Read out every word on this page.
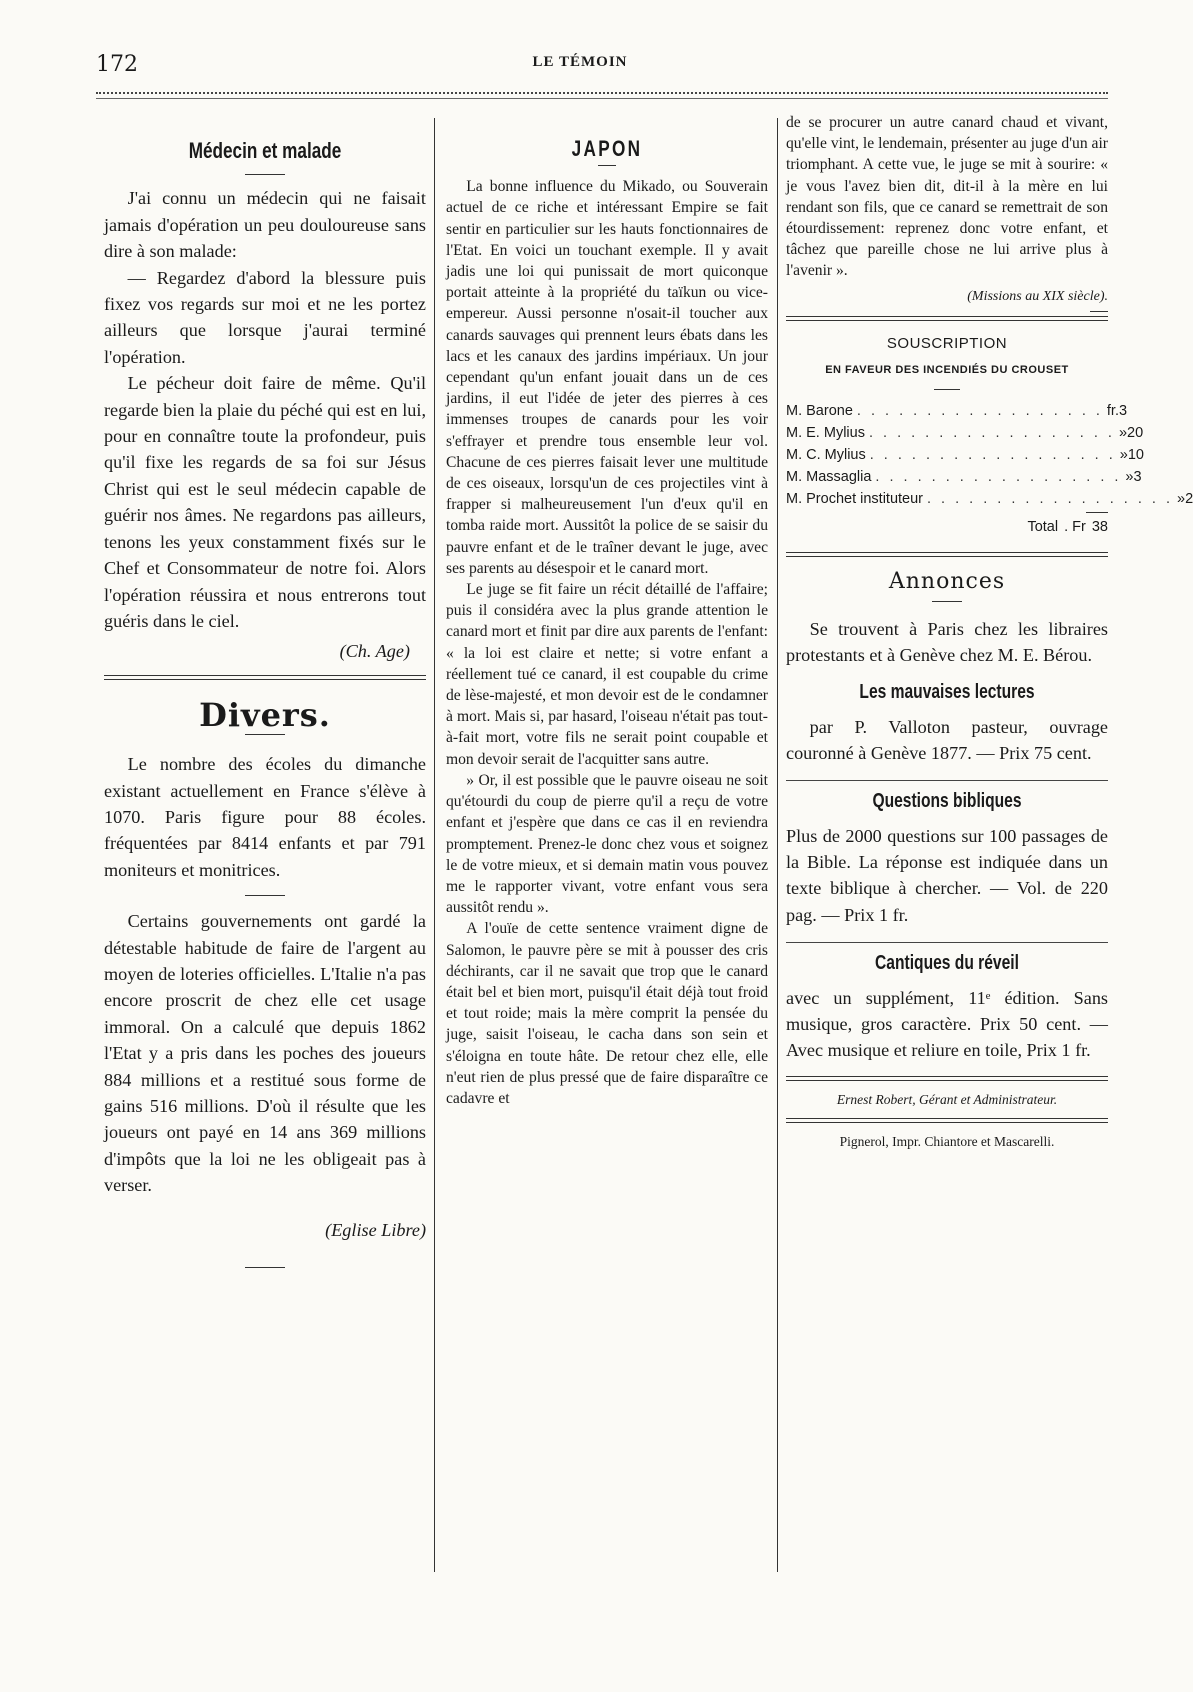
172	LE TÉMOIN
Médecin et malade

J'ai connu un médecin qui ne faisait jamais d'opération un peu douloureuse sans dire à son malade:

— Regardez d'abord la blessure puis fixez vos regards sur moi et ne les portez ailleurs que lorsque j'aurai terminé l'opération.

Le pécheur doit faire de même. Qu'il regarde bien la plaie du péché qui est en lui, pour en connaître toute la profondeur, puis qu'il fixe les regards de sa foi sur Jésus Christ qui est le seul médecin capable de guérir nos âmes. Ne regardons pas ailleurs, tenons les yeux constamment fixés sur le Chef et Consommateur de notre foi. Alors l'opération réussira et nous entrerons tout guéris dans le ciel.

(Ch. Age)
Divers.

Le nombre des écoles du dimanche existant actuellement en France s'élève à 1070. Paris figure pour 88 écoles. fréquentées par 8414 enfants et par 791 moniteurs et monitrices.

Certains gouvernements ont gardé la détestable habitude de faire de l'argent au moyen de loteries officielles. L'Italie n'a pas encore proscrit de chez elle cet usage immoral. On a calculé que depuis 1862 l'Etat y a pris dans les poches des joueurs 884 millions et a restitué sous forme de gains 516 millions. D'où il résulte que les joueurs ont payé en 14 ans 369 millions d'impôts que la loi ne les obligeait pas à verser.

(Eglise Libre)
JAPON

La bonne influence du Mikado, ou Souverain actuel de ce riche et intéressant Empire se fait sentir en particulier sur les hauts fonctionnaires de l'Etat. En voici un touchant exemple. Il y avait jadis une loi qui punissait de mort quiconque portait atteinte à la propriété du taïkun ou vice-empereur. Aussi personne n'osait-il toucher aux canards sauvages qui prennent leurs ébats dans les lacs et les canaux des jardins impériaux. Un jour cependant qu'un enfant jouait dans un de ces jardins, il eut l'idée de jeter des pierres à ces immenses troupes de canards pour les voir s'effrayer et prendre tous ensemble leur vol. Chacune de ces pierres faisait lever une multitude de ces oiseaux, lorsqu'un de ces projectiles vint à frapper si malheureusement l'un d'eux qu'il en tomba raide mort. Aussitôt la police de se saisir du pauvre enfant et de le traîner devant le juge, avec ses parents au désespoir et le canard mort.

Le juge se fit faire un récit détaillé de l'affaire; puis il considéra avec la plus grande attention le canard mort et finit par dire aux parents de l'enfant: « la loi est claire et nette; si votre enfant a réellement tué ce canard, il est coupable du crime de lèse-majesté, et mon devoir est de le condamner à mort. Mais si, par hasard, l'oiseau n'était pas tout-à-fait mort, votre fils ne serait point coupable et mon devoir serait de l'acquitter sans autre.

» Or, il est possible que le pauvre oiseau ne soit qu'étourdi du coup de pierre qu'il a reçu de votre enfant et j'espère que dans ce cas il en reviendra promptement. Prenez-le donc chez vous et soignez le de votre mieux, et si demain matin vous pouvez me le rapporter vivant, votre enfant vous sera aussitôt rendu ».

A l'ouïe de cette sentence vraiment digne de Salomon, le pauvre père se mit à pousser des cris déchirants, car il ne savait que trop que le canard était bel et bien mort, puisqu'il était déjà tout froid et tout roide; mais la mère comprit la pensée du juge, saisit l'oiseau, le cacha dans son sein et s'éloigna en toute hâte. De retour chez elle, elle n'eut rien de plus pressé que de faire disparaître ce cadavre et

de se procurer un autre canard chaud et vivant, qu'elle vint, le lendemain, présenter au juge d'un air triomphant. A cette vue, le juge se mit à sourire: « je vous l'avez bien dit, dit-il à la mère en lui rendant son fils, que ce canard se remettrait de son étourdissement: reprenez donc votre enfant, et tâchez que pareille chose ne lui arrive plus à l'avenir ».

(Missions au XIX siècle).
SOUSCRIPTION
EN FAVEUR DES INCENDIÉS DU CROUSET
M. Barone . . . . . . . . . . . . . . . . . . fr. 3
M. E. Mylius . . . . . . . . . . . . . . . . . . » 20
M. C. Mylius . . . . . . . . . . . . . . . . . . » 10
M. Massaglia . . . . . . . . . . . . . . . . . . » 3
M. Prochet instituteur . . . . . . . . . . . . . . . . . . » 2
Total . Fr 38
Annonces

Se trouvent à Paris chez les libraires protestants et à Genève chez M. E. Bérou.

Les mauvaises lectures

par P. Valloton pasteur, ouvrage couronné à Genève 1877. — Prix 75 cent.

Questions bibliques

Plus de 2000 questions sur 100 passages de la Bible. La réponse est indiquée dans un texte biblique à chercher. — Vol. de 220 pag. — Prix 1 fr.

Cantiques du réveil

avec un supplément, 11ᵉ édition. Sans musique, gros caractère. Prix 50 cent. — Avec musique et reliure en toile, Prix 1 fr.

Ernest Robert, Gérant et Administrateur.
Pignerol, Impr. Chiantore et Mascarelli.
